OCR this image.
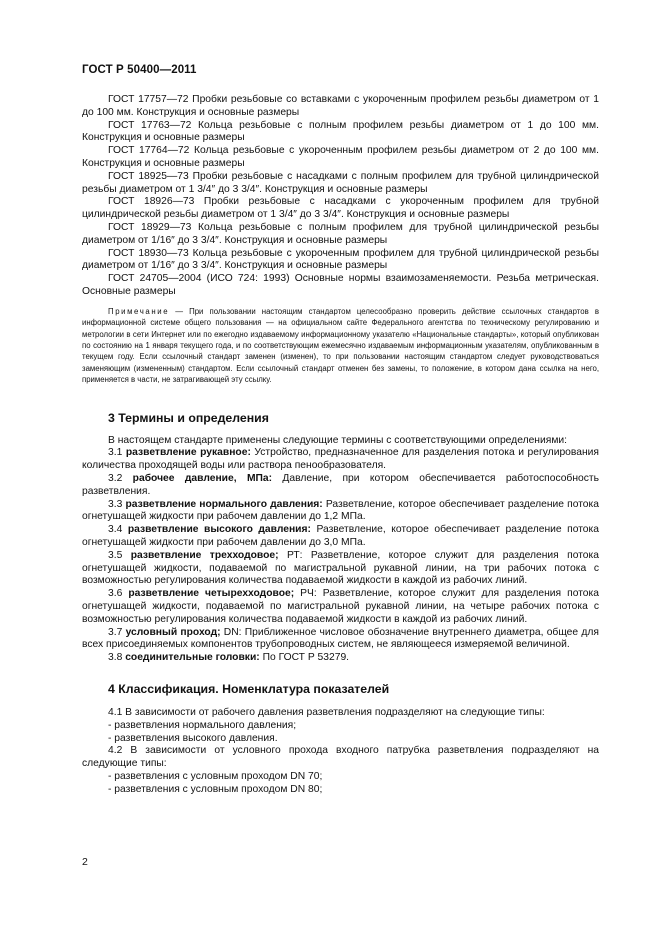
ГОСТ Р 50400—2011

ГОСТ 17757—72 Пробки резьбовые со вставками с укороченным профилем резьбы диаметром от 1 до 100 мм. Конструкция и основные размеры

ГОСТ 17763—72 Кольца резьбовые с полным профилем резьбы диаметром от 1 до 100 мм. Конструкция и основные размеры

ГОСТ 17764—72 Кольца резьбовые с укороченным профилем резьбы диаметром от 2 до 100 мм. Конструкция и основные размеры

ГОСТ 18925—73 Пробки резьбовые с насадками с полным профилем для трубной цилиндрической резьбы диаметром от 1 3/4″ до 3 3/4″. Конструкция и основные размеры

ГОСТ 18926—73 Пробки резьбовые с насадками с укороченным профилем для трубной цилиндрической резьбы диаметром от 1 3/4″ до 3 3/4″. Конструкция и основные размеры

ГОСТ 18929—73 Кольца резьбовые с полным профилем для трубной цилиндрической резьбы диаметром от 1/16″ до 3 3/4″. Конструкция и основные размеры

ГОСТ 18930—73 Кольца резьбовые с укороченным профилем для трубной цилиндрической резьбы диаметром от 1/16″ до 3 3/4″. Конструкция и основные размеры

ГОСТ 24705—2004 (ИСО 724: 1993) Основные нормы взаимозаменяемости. Резьба метрическая. Основные размеры

Примечание — При пользовании настоящим стандартом целесообразно проверить действие ссылочных стандартов в информационной системе общего пользования — на официальном сайте Федерального агентства по техническому регулированию и метрологии в сети Интернет или по ежегодно издаваемому информационному указателю «Национальные стандарты», который опубликован по состоянию на 1 января текущего года, и по соответствующим ежемесячно издаваемым информационным указателям, опубликованным в текущем году. Если ссылочный стандарт заменен (изменен), то при пользовании настоящим стандартом следует руководствоваться заменяющим (измененным) стандартом. Если ссылочный стандарт отменен без замены, то положение, в котором дана ссылка на него, применяется в части, не затрагивающей эту ссылку.

3 Термины и определения

В настоящем стандарте применены следующие термины с соответствующими определениями:

3.1 разветвление рукавное: Устройство, предназначенное для разделения потока и регулирования количества проходящей воды или раствора пенообразователя.

3.2 рабочее давление, МПа: Давление, при котором обеспечивается работоспособность разветвления.

3.3 разветвление нормального давления: Разветвление, которое обеспечивает разделение потока огнетушащей жидкости при рабочем давлении до 1,2 МПа.

3.4 разветвление высокого давления: Разветвление, которое обеспечивает разделение потока огнетушащей жидкости при рабочем давлении до 3,0 МПа.

3.5 разветвление трехходовое; РТ: Разветвление, которое служит для разделения потока огнетушащей жидкости, подаваемой по магистральной рукавной линии, на три рабочих потока с возможностью регулирования количества подаваемой жидкости в каждой из рабочих линий.

3.6 разветвление четырехходовое; РЧ: Разветвление, которое служит для разделения потока огнетушащей жидкости, подаваемой по магистральной рукавной линии, на четыре рабочих потока с возможностью регулирования количества подаваемой жидкости в каждой из рабочих линий.

3.7 условный проход; DN: Приближенное числовое обозначение внутреннего диаметра, общее для всех присоединяемых компонентов трубопроводных систем, не являющееся измеряемой величиной.

3.8 соединительные головки: По ГОСТ Р 53279.

4 Классификация. Номенклатура показателей

4.1 В зависимости от рабочего давления разветвления подразделяют на следующие типы:

- разветвления нормального давления;

- разветвления высокого давления.

4.2 В зависимости от условного прохода входного патрубка разветвления подразделяют на следующие типы:

- разветвления с условным проходом DN 70;

- разветвления с условным проходом DN 80;

2
